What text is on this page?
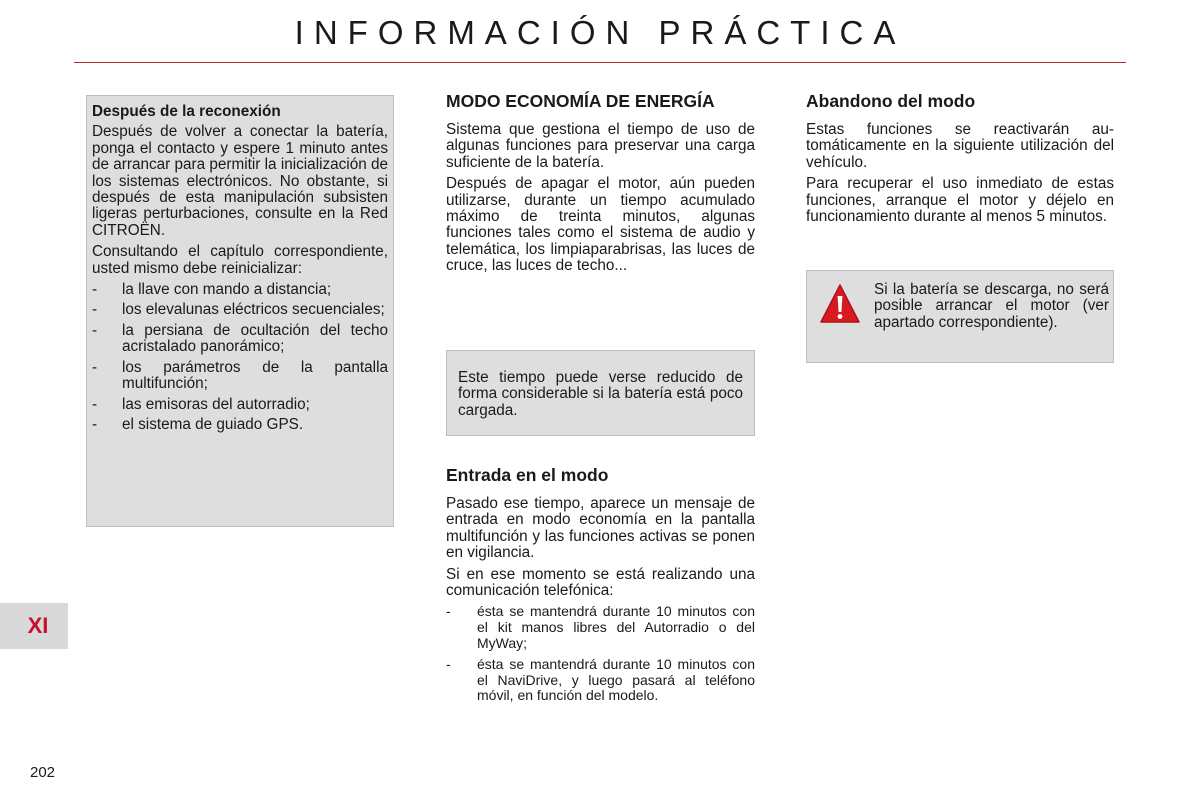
INFORMACIÓN PRÁCTICA
Después de la reconexión

Después de volver a conectar la batería, ponga el contacto y espere 1 minuto antes de arrancar para permitir la inicialización de los sistemas electrónicos. No obstante, si después de esta manipulación subsisten ligeras perturbaciones, consulte en la Red CITROËN.

Consultando el capítulo correspondiente, usted mismo debe reinicializar:

- la llave con mando a distancia;
- los elevalunas eléctricos secuenciales;
- la persiana de ocultación del techo acristalado panorámico;
- los parámetros de la pantalla multifunción;
- las emisoras del autorradio;
- el sistema de guiado GPS.
MODO ECONOMÍA DE ENERGÍA

Sistema que gestiona el tiempo de uso de algunas funciones para preservar una carga suficiente de la batería.

Después de apagar el motor, aún pueden utilizarse, durante un tiempo acumulado máximo de treinta minutos, algunas funciones tales como el sistema de audio y telemática, los limpiaparabrisas, las luces de cruce, las luces de techo...

Este tiempo puede verse reducido de forma considerable si la batería está poco cargada.

Entrada en el modo

Pasado ese tiempo, aparece un mensaje de entrada en modo economía en la pantalla multifunción y las funciones activas se ponen en vigilancia.

Si en ese momento se está realizando una comunicación telefónica:

- ésta se mantendrá durante 10 minutos con el kit manos libres del Autorradio o del MyWay;
- ésta se mantendrá durante 10 minutos con el NaviDrive, y luego pasará al teléfono móvil, en función del modelo.
Abandono del modo

Estas funciones se reactivarán automáticamente en la siguiente utilización del vehículo.

Para recuperar el uso inmediato de estas funciones, arranque el motor y déjelo en funcionamiento durante al menos 5 minutos.

Si la batería se descarga, no será posible arrancar el motor (ver apartado correspondiente).

XI
202
